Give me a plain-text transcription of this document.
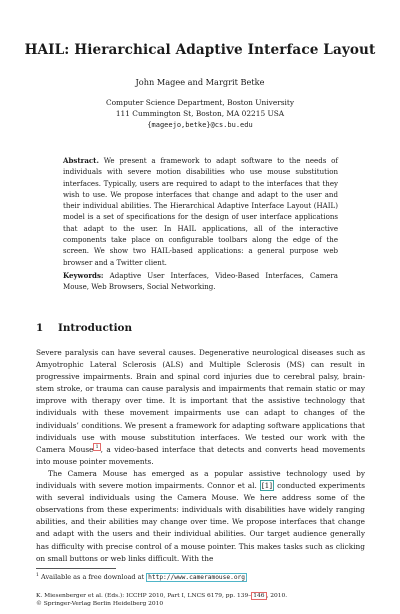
HAIL: Hierarchical Adaptive Interface Layout
John Magee and Margrit Betke
Computer Science Department, Boston University
111 Cummington St, Boston, MA 02215 USA
{mageejo,betke}@cs.bu.edu
Abstract. We present a framework to adapt software to the needs of individuals with severe motion disabilities who use mouse substitution interfaces. Typically, users are required to adapt to the interfaces that they wish to use. We propose interfaces that change and adapt to the user and their individual abilities. The Hierarchical Adaptive Interface Layout (HAIL) model is a set of specifications for the design of user interface applications that adapt to the user. In HAIL applications, all of the interactive components take place on configurable toolbars along the edge of the screen. We show two HAIL-based applications: a general purpose web browser and a Twitter client.
Keywords: Adaptive User Interfaces, Video-Based Interfaces, Camera Mouse, Web Browsers, Social Networking.
1 Introduction

Severe paralysis can have several causes. Degenerative neurological diseases such as Amyotrophic Lateral Sclerosis (ALS) and Multiple Sclerosis (MS) can result in progressive impairments. Brain and spinal cord injuries due to cerebral palsy, brain-stem stroke, or trauma can cause paralysis and impairments that remain static or may improve with therapy over time. It is important that the assistive technology that individuals with these movement impairments use can adapt to changes of the individuals’ conditions. We present a framework for adapting software applications that individuals use with mouse substitution interfaces. We tested our work with the Camera Mouse $^1$ , a video-based interface that detects and converts head movements into mouse pointer movements.

The Camera Mouse has emerged as a popular assistive technology used by individuals with severe motion impairments. Connor et al. [1] conducted experiments with several individuals using the Camera Mouse. We here address some of the observations from these experiments: individuals with disabilities have widely ranging abilities, and their abilities may change over time. We propose interfaces that change and adapt with the users and their individual abilities. Our target audience generally has difficulty with precise control of a mouse pointer. This makes tasks such as clicking on small buttons or web links difficult. With the

$^1$ Available as a free download at http://www.cameramouse.org
K. Miesenberger et al. (Eds.): ICCHP 2010, Part I, LNCS 6179, pp. 139– 146 , 2010.
© Springer-Verlag Berlin Heidelberg 2010
